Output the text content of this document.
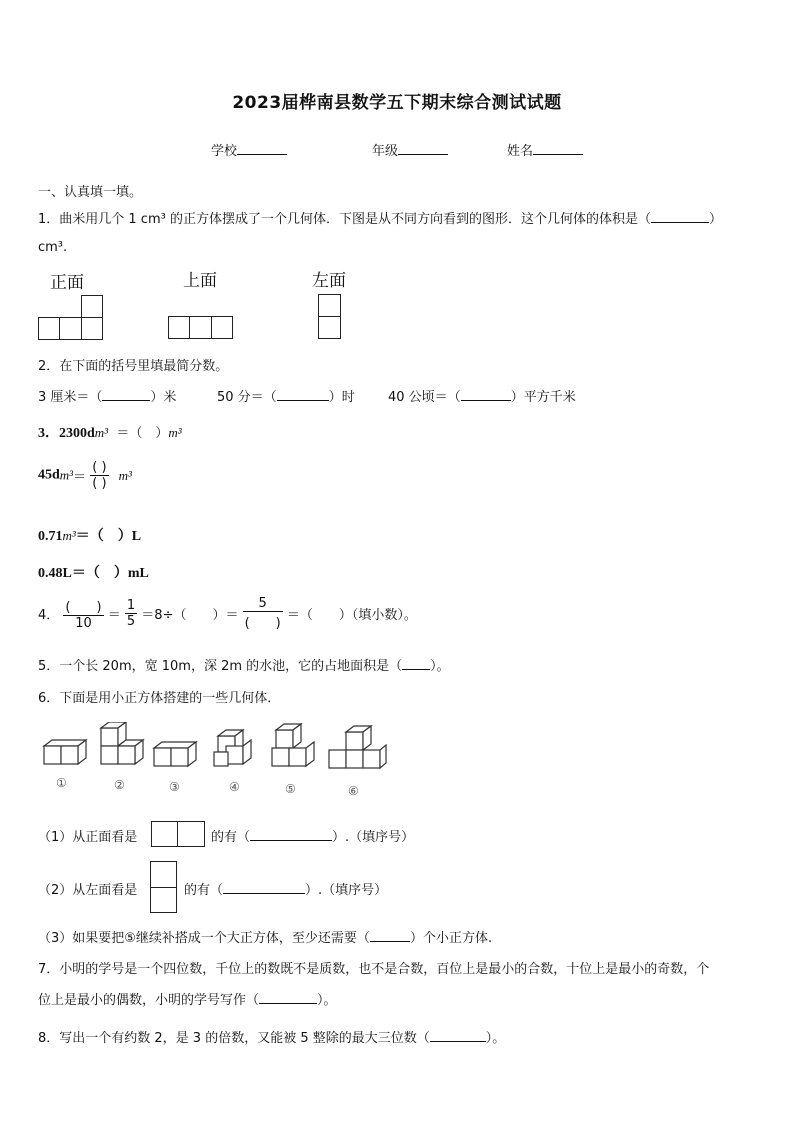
2023届桦南县数学五下期末综合测试试题
学校	年级	姓名
一、认真填一填。
1．曲米用几个 1 cm³ 的正方体摆成了一个几何体．下图是从不同方向看到的图形．这个几何体的体积是（	）
cm³.
正面	上面	左面
2．在下面的括号里填最简分数。
3 厘米＝（	）米	50 分＝（	）时	40 公顷＝（	）平方千米
3．2300dm³ ＝（　）m³
$45dm^3= \frac{( )}{( )} m^3$
0.71m³＝（　）L
0.48L＝（　）mL
4． $\frac{( )}{10} = \frac{1}{5} =8\div$（　　）＝ $\frac{5}{( )}$ ＝（　　）（填小数）。
5．一个长 20m，宽 10m，深 2m 的水池，它的占地面积是（ ）。
6．下面是用小正方体搭建的一些几何体．
①	②	③	④	⑤	⑥
（1）从正面看是	的有（	）.（填序号）
（2）从左面看是	的有（	）.（填序号）
（3）如果要把⑤继续补搭成一个大正方体，至少还需要（	）个小正方体.
7．小明的学号是一个四位数，千位上的数既不是质数，也不是合数，百位上是最小的合数，十位上是最小的奇数，个
位上是最小的偶数，小明的学号写作（	）。
8．写出一个有约数 2，是 3 的倍数，又能被 5 整除的最大三位数（	）。
